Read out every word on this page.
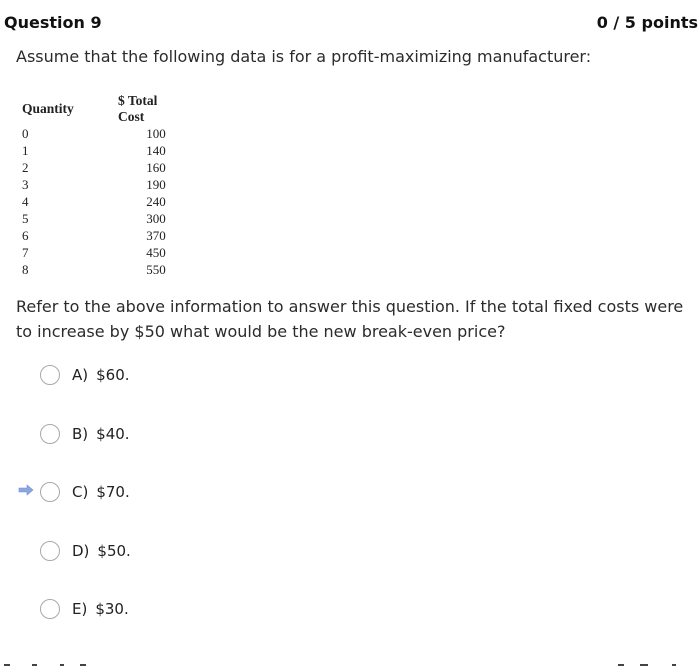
Question 9	0 / 5 points
Assume that the following data is for a profit-maximizing manufacturer:
Quantity	$ Total Cost
0	100
1	140
2	160
3	190
4	240
5	300
6	370
7	450
8	550
Refer to the above information to answer this question. If the total fixed costs were to increase by $50 what would be the new break-even price?
A) $60.
B) $40.
C) $70.
D) $50.
E) $30.
